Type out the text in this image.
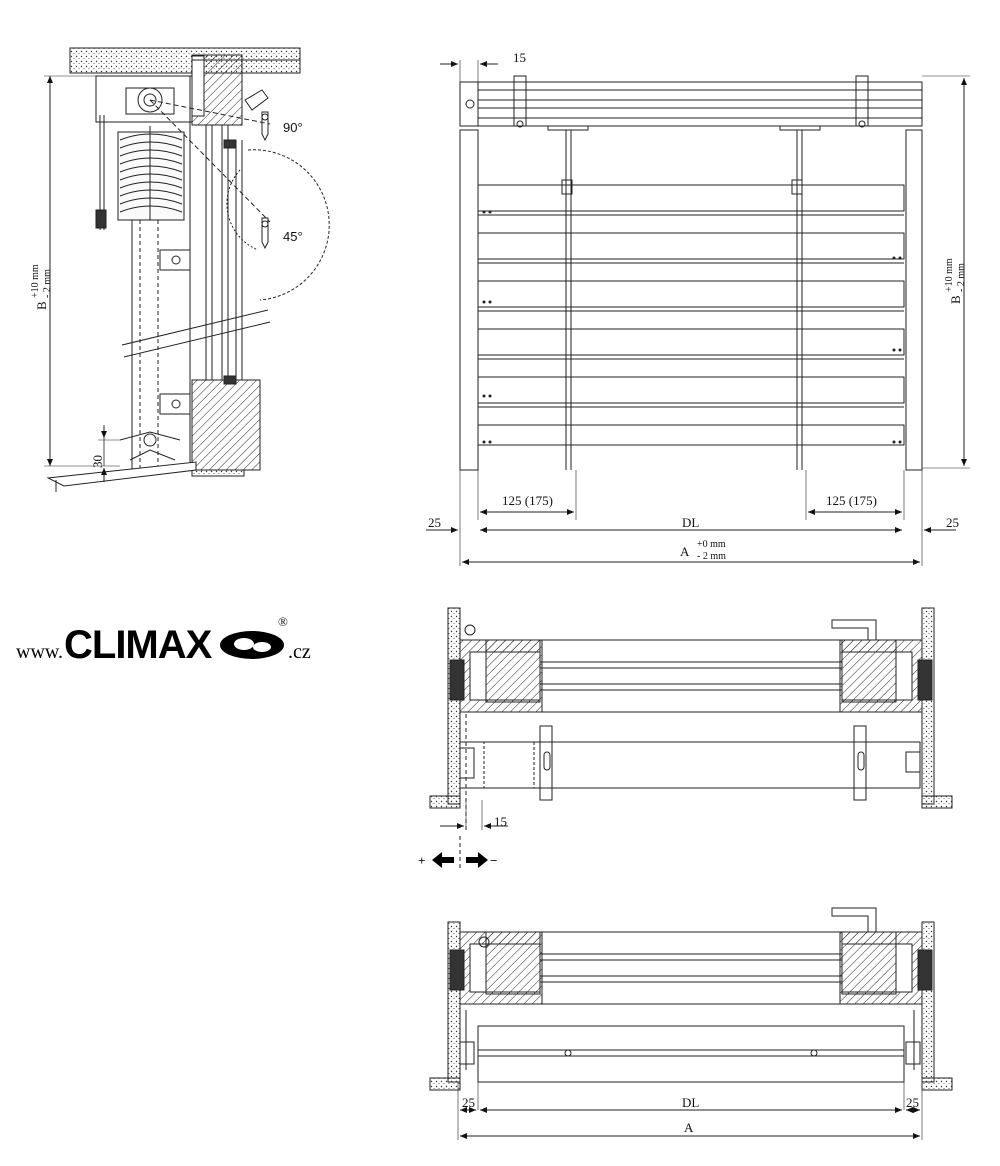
90°
45°
B
+10 mm - 2 mm
30
15
B
+10 mm - 2 mm
125 (175)	125 (175)
25	25
DL
A +0 mm
- 2 mm
www. CLIMAX	.cz
®
15
+	−
25	25
DL
A
